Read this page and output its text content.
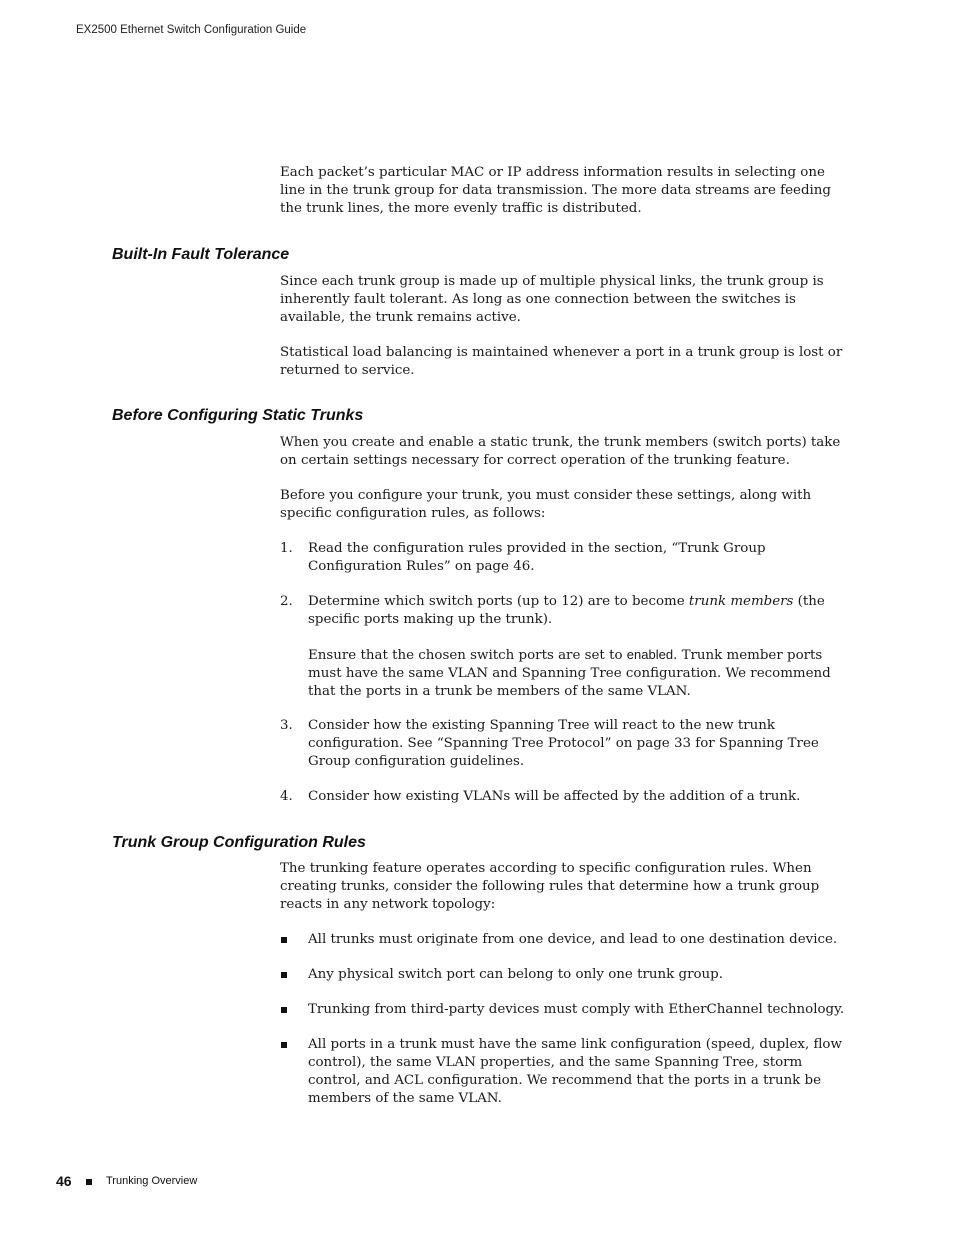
EX2500 Ethernet Switch Configuration Guide

Each packet’s particular MAC or IP address information results in selecting one line in the trunk group for data transmission. The more data streams are feeding the trunk lines, the more evenly traffic is distributed.

Built-In Fault Tolerance

Since each trunk group is made up of multiple physical links, the trunk group is inherently fault tolerant. As long as one connection between the switches is available, the trunk remains active.

Statistical load balancing is maintained whenever a port in a trunk group is lost or returned to service.

Before Configuring Static Trunks

When you create and enable a static trunk, the trunk members (switch ports) take on certain settings necessary for correct operation of the trunking feature.

Before you configure your trunk, you must consider these settings, along with specific configuration rules, as follows:

1. Read the configuration rules provided in the section, “Trunk Group Configuration Rules” on page 46.
2. Determine which switch ports (up to 12) are to become trunk members (the specific ports making up the trunk).
Ensure that the chosen switch ports are set to enabled. Trunk member ports must have the same VLAN and Spanning Tree configuration. We recommend that the ports in a trunk be members of the same VLAN.
3. Consider how the existing Spanning Tree will react to the new trunk configuration. See “Spanning Tree Protocol” on page 33 for Spanning Tree Group configuration guidelines.
4. Consider how existing VLANs will be affected by the addition of a trunk.
Trunk Group Configuration Rules

The trunking feature operates according to specific configuration rules. When creating trunks, consider the following rules that determine how a trunk group reacts in any network topology:

All trunks must originate from one device, and lead to one destination device.
Any physical switch port can belong to only one trunk group.
Trunking from third-party devices must comply with EtherChannel technology.
All ports in a trunk must have the same link configuration (speed, duplex, flow control), the same VLAN properties, and the same Spanning Tree, storm control, and ACL configuration. We recommend that the ports in a trunk be members of the same VLAN.
46	Trunking Overview
